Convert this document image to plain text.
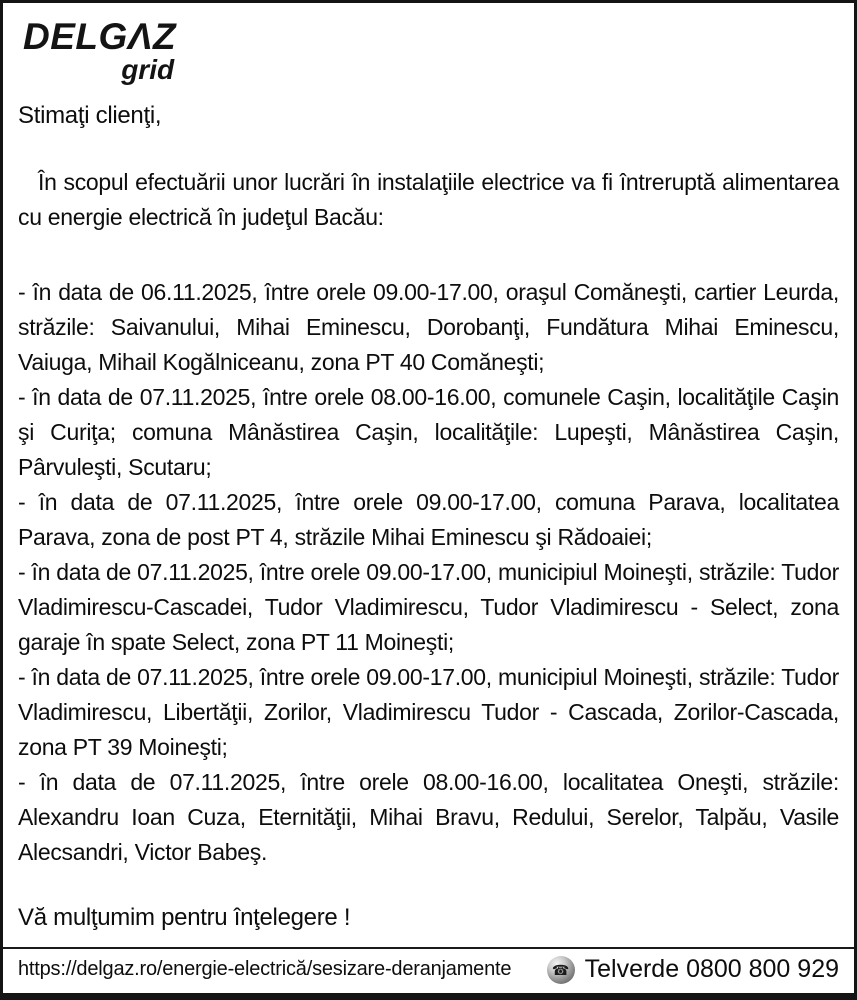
DELGΛZ
grid

Stimaţi clienţi,

În scopul efectuării unor lucrări în instalaţiile electrice va fi întreruptă alimentarea cu energie electrică în judeţul Bacău:

- în data de 06.11.2025, între orele 09.00-17.00, oraşul Comăneşti, cartier Leurda, străzile: Saivanului, Mihai Eminescu, Dorobanţi, Fundătura Mihai Eminescu, Vaiuga, Mihail Kogălniceanu, zona PT 40 Comăneşti;

- în data de 07.11.2025, între orele 08.00-16.00, comunele Caşin, localităţile Caşin şi Curiţa; comuna Mânăstirea Caşin, localităţile: Lupeşti, Mânăstirea Caşin, Pârvuleşti, Scutaru;

- în data de 07.11.2025, între orele 09.00-17.00, comuna Parava, localitatea Parava, zona de post PT 4, străzile Mihai Eminescu şi Rădoaiei;

- în data de 07.11.2025, între orele 09.00-17.00, municipiul Moineşti, străzile: Tudor Vladimirescu-Cascadei, Tudor Vladimirescu, Tudor Vladimirescu - Select, zona garaje în spate Select, zona PT 11 Moineşti;

- în data de 07.11.2025, între orele 09.00-17.00, municipiul Moineşti, străzile: Tudor Vladimirescu, Libertăţii, Zorilor, Vladimirescu Tudor - Cascada, Zorilor-Cascada, zona PT 39 Moineşti;

- în data de 07.11.2025, între orele 08.00-16.00, localitatea Oneşti, străzile: Alexandru Ioan Cuza, Eternităţii, Mihai Bravu, Redului, Serelor, Talpău, Vasile Alecsandri, Victor Babeş.

Vă mulţumim pentru înţelegere !

https://delgaz.ro/energie-electrică/sesizare-deranjamente	☎ Telverde 0800 800 929
